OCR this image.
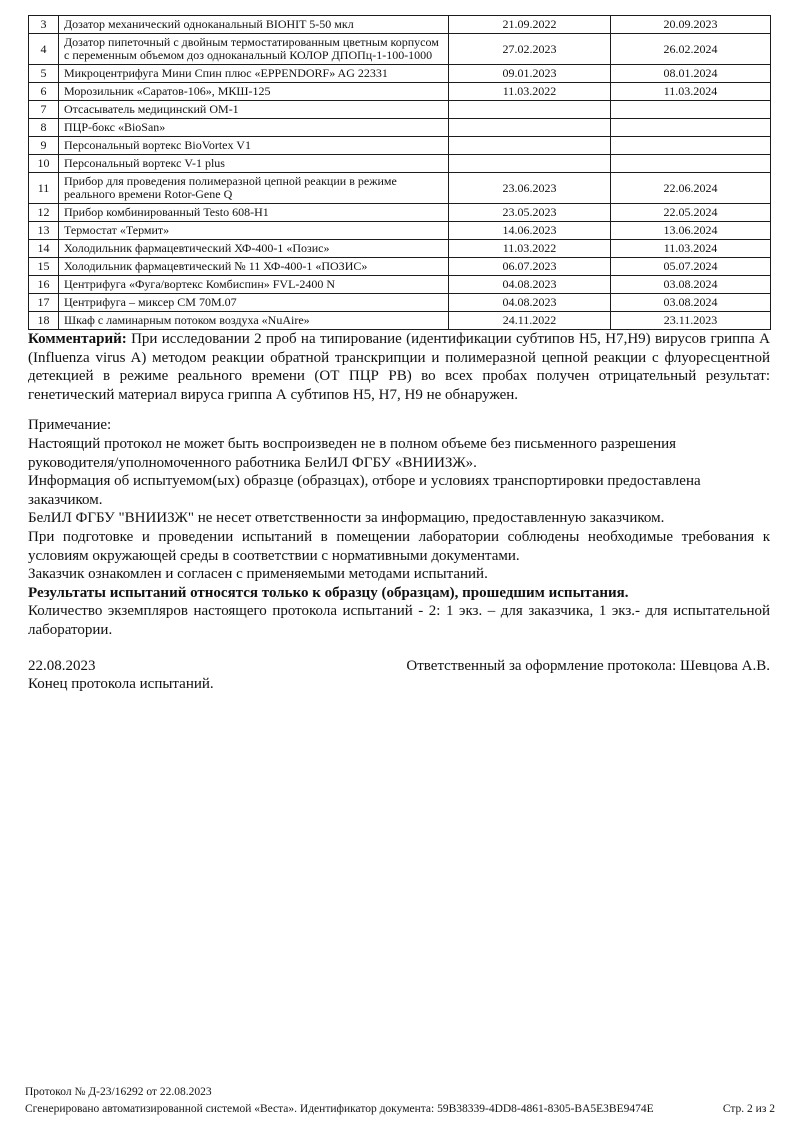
3	Дозатор механический одноканальный BIOHIT 5-50 мкл	21.09.2022	20.09.2023
4	Дозатор пипеточный с двойным термостатированным цветным корпусом с переменным объемом доз одноканальный КОЛОР ДПОПц-1-100-1000	27.02.2023	26.02.2024
5	Микроцентрифуга Мини Спин плюс «EPPENDORF» AG 22331	09.01.2023	08.01.2024
6	Морозильник «Саратов-106», МКШ-125	11.03.2022	11.03.2024
7	Отсасыватель медицинский ОМ-1		
8	ПЦР-бокс «BioSan»		
9	Персональный вортекс BioVortex V1		
10	Персональный вортекс V-1 plus		
11	Прибор для проведения полимеразной цепной реакции в режиме реального времени Rotor-Gene Q	23.06.2023	22.06.2024
12	Прибор комбинированный Testo 608-H1	23.05.2023	22.05.2024
13	Термостат «Термит»	14.06.2023	13.06.2024
14	Холодильник фармацевтический ХФ-400-1 «Позис»	11.03.2022	11.03.2024
15	Холодильник фармацевтический № 11 ХФ-400-1 «ПОЗИС»	06.07.2023	05.07.2024
16	Центрифуга «Фуга/вортекс Комбиспин» FVL-2400 N	04.08.2023	03.08.2024
17	Центрифуга – миксер СМ 70М.07	04.08.2023	03.08.2024
18	Шкаф с ламинарным потоком воздуха «NuAire»	24.11.2022	23.11.2023

Комментарий: При исследовании 2 проб на типирование (идентификации субтипов H5, H7,H9) вирусов гриппа А (Influenza virus A) методом реакции обратной транскрипции и полимеразной цепной реакции с флуоресцентной детекцией в режиме реального времени (ОТ ПЦР РВ) во всех пробах получен отрицательный результат: генетический материал вируса гриппа А субтипов H5, H7, H9 не обнаружен.

Примечание:

Настоящий протокол не может быть воспроизведен не в полном объеме без письменного разрешения руководителя/уполномоченного работника БелИЛ ФГБУ «ВНИИЗЖ».

Информация об испытуемом(ых) образце (образцах), отборе и условиях транспортировки предоставлена заказчиком.

БелИЛ ФГБУ "ВНИИЗЖ" не несет ответственности за информацию, предоставленную заказчиком.

При подготовке и проведении испытаний в помещении лаборатории соблюдены необходимые требования к условиям окружающей среды в соответствии с нормативными документами.

Заказчик ознакомлен и согласен с применяемыми методами испытаний.

Результаты испытаний относятся только к образцу (образцам), прошедшим испытания.

Количество экземпляров настоящего протокола испытаний - 2: 1 экз. – для заказчика, 1 экз.- для испытательной лаборатории.

22.08.2023	Ответственный за оформление протокола: Шевцова А.В.

Конец протокола испытаний.

Протокол № Д-23/16292 от 22.08.2023
Сгенерировано автоматизированной системой «Веста». Идентификатор документа: 59B38339-4DD8-4861-8305-BA5E3BE9474E	Стр. 2 из 2
